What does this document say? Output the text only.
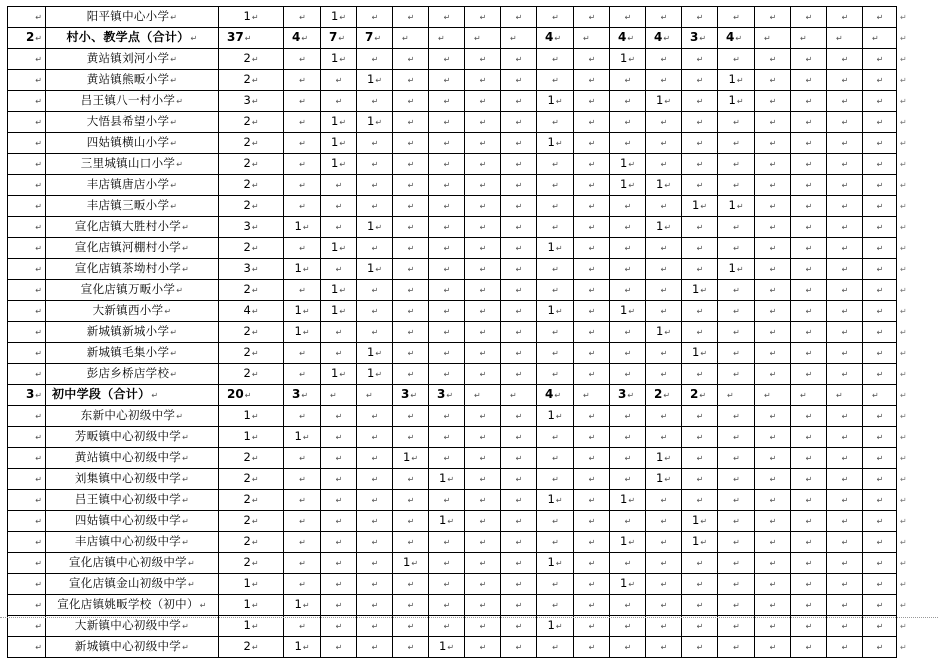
↵	阳平镇中心小学↵	1↵	↵	1↵	↵	↵	↵	↵	↵	↵	↵	↵	↵	↵	↵	↵	↵	↵	↵	↵
2↵	村小、教学点（合计）↵	37↵	4↵	7↵	7↵	↵	↵	↵	↵	4↵	↵	4↵	4↵	3↵	4↵	↵	↵	↵	↵	↵
↵	黄站镇刘河小学↵	2↵	↵	1↵	↵	↵	↵	↵	↵	↵	↵	1↵	↵	↵	↵	↵	↵	↵	↵	↵
↵	黄站镇熊畈小学↵	2↵	↵	↵	1↵	↵	↵	↵	↵	↵	↵	↵	↵	↵	1↵	↵	↵	↵	↵	↵
↵	吕王镇八一村小学↵	3↵	↵	↵	↵	↵	↵	↵	↵	1↵	↵	↵	1↵	↵	1↵	↵	↵	↵	↵	↵
↵	大悟县希望小学↵	2↵	↵	1↵	1↵	↵	↵	↵	↵	↵	↵	↵	↵	↵	↵	↵	↵	↵	↵	↵
↵	四姑镇横山小学↵	2↵	↵	1↵	↵	↵	↵	↵	↵	1↵	↵	↵	↵	↵	↵	↵	↵	↵	↵	↵
↵	三里城镇山口小学↵	2↵	↵	1↵	↵	↵	↵	↵	↵	↵	↵	1↵	↵	↵	↵	↵	↵	↵	↵	↵
↵	丰店镇唐店小学↵	2↵	↵	↵	↵	↵	↵	↵	↵	↵	↵	1↵	1↵	↵	↵	↵	↵	↵	↵	↵
↵	丰店镇三畈小学↵	2↵	↵	↵	↵	↵	↵	↵	↵	↵	↵	↵	↵	1↵	1↵	↵	↵	↵	↵	↵
↵	宣化店镇大胜村小学↵	3↵	1↵	↵	1↵	↵	↵	↵	↵	↵	↵	↵	1↵	↵	↵	↵	↵	↵	↵	↵
↵	宣化店镇河棚村小学↵	2↵	↵	1↵	↵	↵	↵	↵	↵	1↵	↵	↵	↵	↵	↵	↵	↵	↵	↵	↵
↵	宣化店镇茶坳村小学↵	3↵	1↵	↵	1↵	↵	↵	↵	↵	↵	↵	↵	↵	↵	1↵	↵	↵	↵	↵	↵
↵	宣化店镇万畈小学↵	2↵	↵	1↵	↵	↵	↵	↵	↵	↵	↵	↵	↵	1↵	↵	↵	↵	↵	↵	↵
↵	大新镇西小学↵	4↵	1↵	1↵	↵	↵	↵	↵	↵	1↵	↵	1↵	↵	↵	↵	↵	↵	↵	↵	↵
↵	新城镇新城小学↵	2↵	1↵	↵	↵	↵	↵	↵	↵	↵	↵	↵	1↵	↵	↵	↵	↵	↵	↵	↵
↵	新城镇毛集小学↵	2↵	↵	↵	1↵	↵	↵	↵	↵	↵	↵	↵	↵	1↵	↵	↵	↵	↵	↵	↵
↵	彭店乡桥店学校↵	2↵	↵	1↵	1↵	↵	↵	↵	↵	↵	↵	↵	↵	↵	↵	↵	↵	↵	↵	↵
3↵	初中学段（合计）↵	20↵	3↵	↵	↵	3↵	3↵	↵	↵	4↵	↵	3↵	2↵	2↵	↵	↵	↵	↵	↵	↵
↵	东新中心初级中学↵	1↵	↵	↵	↵	↵	↵	↵	↵	1↵	↵	↵	↵	↵	↵	↵	↵	↵	↵	↵
↵	芳畈镇中心初级中学↵	1↵	1↵	↵	↵	↵	↵	↵	↵	↵	↵	↵	↵	↵	↵	↵	↵	↵	↵	↵
↵	黄站镇中心初级中学↵	2↵	↵	↵	↵	1↵	↵	↵	↵	↵	↵	↵	1↵	↵	↵	↵	↵	↵	↵	↵
↵	刘集镇中心初级中学↵	2↵	↵	↵	↵	↵	1↵	↵	↵	↵	↵	↵	1↵	↵	↵	↵	↵	↵	↵	↵
↵	吕王镇中心初级中学↵	2↵	↵	↵	↵	↵	↵	↵	↵	1↵	↵	1↵	↵	↵	↵	↵	↵	↵	↵	↵
↵	四姑镇中心初级中学↵	2↵	↵	↵	↵	↵	1↵	↵	↵	↵	↵	↵	↵	1↵	↵	↵	↵	↵	↵	↵
↵	丰店镇中心初级中学↵	2↵	↵	↵	↵	↵	↵	↵	↵	↵	↵	1↵	↵	1↵	↵	↵	↵	↵	↵	↵
↵	宣化店镇中心初级中学↵	2↵	↵	↵	↵	1↵	↵	↵	↵	1↵	↵	↵	↵	↵	↵	↵	↵	↵	↵	↵
↵	宣化店镇金山初级中学↵	1↵	↵	↵	↵	↵	↵	↵	↵	↵	↵	1↵	↵	↵	↵	↵	↵	↵	↵	↵
↵	宣化店镇姚畈学校（初中）↵	1↵	1↵	↵	↵	↵	↵	↵	↵	↵	↵	↵	↵	↵	↵	↵	↵	↵	↵	↵
↵	大新镇中心初级中学↵	1↵	↵	↵	↵	↵	↵	↵	↵	1↵	↵	↵	↵	↵	↵	↵	↵	↵	↵	↵
↵	新城镇中心初级中学↵	2↵	1↵	↵	↵	↵	1↵	↵	↵	↵	↵	↵	↵	↵	↵	↵	↵	↵	↵	↵
